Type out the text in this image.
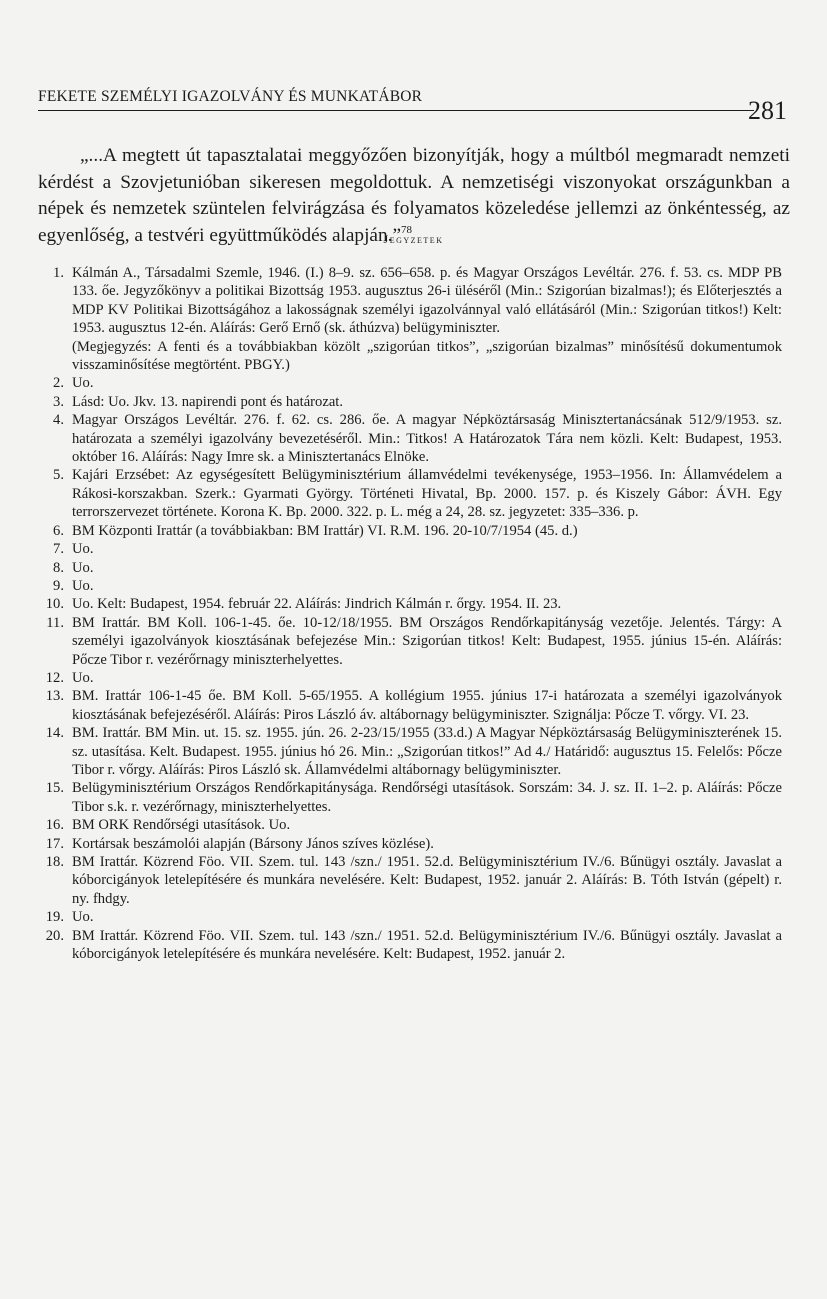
FEKETE SZEMÉLYI IGAZOLVÁNY ÉS MUNKATÁBOR	281

„...A megtett út tapasztalatai meggyőzően bizonyítják, hogy a múltból megmaradt nemzeti kérdést a Szovjetunióban sikeresen megoldottuk. A nemzetiségi viszonyokat országunkban a népek és nemzetek szüntelen felvirágzása és folyamatos közeledése jellemzi az önkéntesség, az egyenlőség, a testvéri együttműködés alapján.”$^{78}$

Jegyzetek
1. Kálmán A., Társadalmi Szemle, 1946. (I.) 8–9. sz. 656–658. p. és Magyar Országos Levéltár. 276. f. 53. cs. MDP PB 133. őe. Jegyzőkönyv a politikai Bizottság 1953. augusztus 26-i üléséről (Min.: Szigorúan bizalmas!); és Előterjesztés a MDP KV Politikai Bizottságához a lakosságnak személyi igazolvánnyal való ellátásáról (Min.: Szigorúan titkos!) Kelt: 1953. augusztus 12-én. Aláírás: Gerő Ernő (sk. áthúzva) belügyminiszter.
(Megjegyzés: A fenti és a továbbiakban közölt „szigorúan titkos”, „szigorúan bizalmas” minősítésű dokumentumok visszaminősítése megtörtént. PBGY.)
2. Uo.
3. Lásd: Uo. Jkv. 13. napirendi pont és határozat.
4. Magyar Országos Levéltár. 276. f. 62. cs. 286. őe. A magyar Népköztársaság Minisztertanácsának 512/9/1953. sz. határozata a személyi igazolvány bevezetéséről. Min.: Titkos! A Határozatok Tára nem közli. Kelt: Budapest, 1953. október 16. Aláírás: Nagy Imre sk. a Minisztertanács Elnöke.
5. Kajári Erzsébet: Az egységesített Belügyminisztérium államvédelmi tevékenysége, 1953–1956. In: Államvédelem a Rákosi-korszakban. Szerk.: Gyarmati György. Történeti Hivatal, Bp. 2000. 157. p. és Kiszely Gábor: ÁVH. Egy terrorszervezet története. Korona K. Bp. 2000. 322. p. L. még a 24, 28. sz. jegyzetet: 335–336. p.
6. BM Központi Irattár (a továbbiakban: BM Irattár) VI. R.M. 196. 20-10/7/1954 (45. d.)
7. Uo.
8. Uo.
9. Uo.
10. Uo. Kelt: Budapest, 1954. február 22. Aláírás: Jindrich Kálmán r. őrgy. 1954. II. 23.
11. BM Irattár. BM Koll. 106-1-45. őe. 10-12/18/1955. BM Országos Rendőrkapitányság vezetője. Jelentés. Tárgy: A személyi igazolványok kiosztásának befejezése Min.: Szigorúan titkos! Kelt: Budapest, 1955. június 15-én. Aláírás: Pőcze Tibor r. vezérőrnagy miniszterhelyettes.
12. Uo.
13. BM. Irattár 106-1-45 őe. BM Koll. 5-65/1955. A kollégium 1955. június 17-i határozata a személyi igazolványok kiosztásának befejezéséről. Aláírás: Piros László áv. altábornagy belügyminiszter. Szignálja: Pőcze T. vőrgy. VI. 23.
14. BM. Irattár. BM Min. ut. 15. sz. 1955. jún. 26. 2-23/15/1955 (33.d.) A Magyar Népköztársaság Belügyminiszterének 15. sz. utasítása. Kelt. Budapest. 1955. június hó 26. Min.: „Szigorúan titkos!” Ad 4./ Határidő: augusztus 15. Felelős: Pőcze Tibor r. vőrgy. Aláírás: Piros László sk. Államvédelmi altábornagy belügyminiszter.
15. Belügyminisztérium Országos Rendőrkapitánysága. Rendőrségi utasítások. Sorszám: 34. J. sz. II. 1–2. p. Aláírás: Pőcze Tibor s.k. r. vezérőrnagy, miniszterhelyettes.
16. BM ORK Rendőrségi utasítások. Uo.
17. Kortársak beszámolói alapján (Bársony János szíves közlése).
18. BM Irattár. Közrend Föo. VII. Szem. tul. 143 /szn./ 1951. 52.d. Belügyminisztérium IV./6. Bűnügyi osztály. Javaslat a kóborcigányok letelepítésére és munkára nevelésére. Kelt: Budapest, 1952. január 2. Aláírás: B. Tóth István (gépelt) r. ny. fhdgy.
19. Uo.
20. BM Irattár. Közrend Föo. VII. Szem. tul. 143 /szn./ 1951. 52.d. Belügyminisztérium IV./6. Bűnügyi osztály. Javaslat a kóborcigányok letelepítésére és munkára nevelésére. Kelt: Budapest, 1952. január 2.
